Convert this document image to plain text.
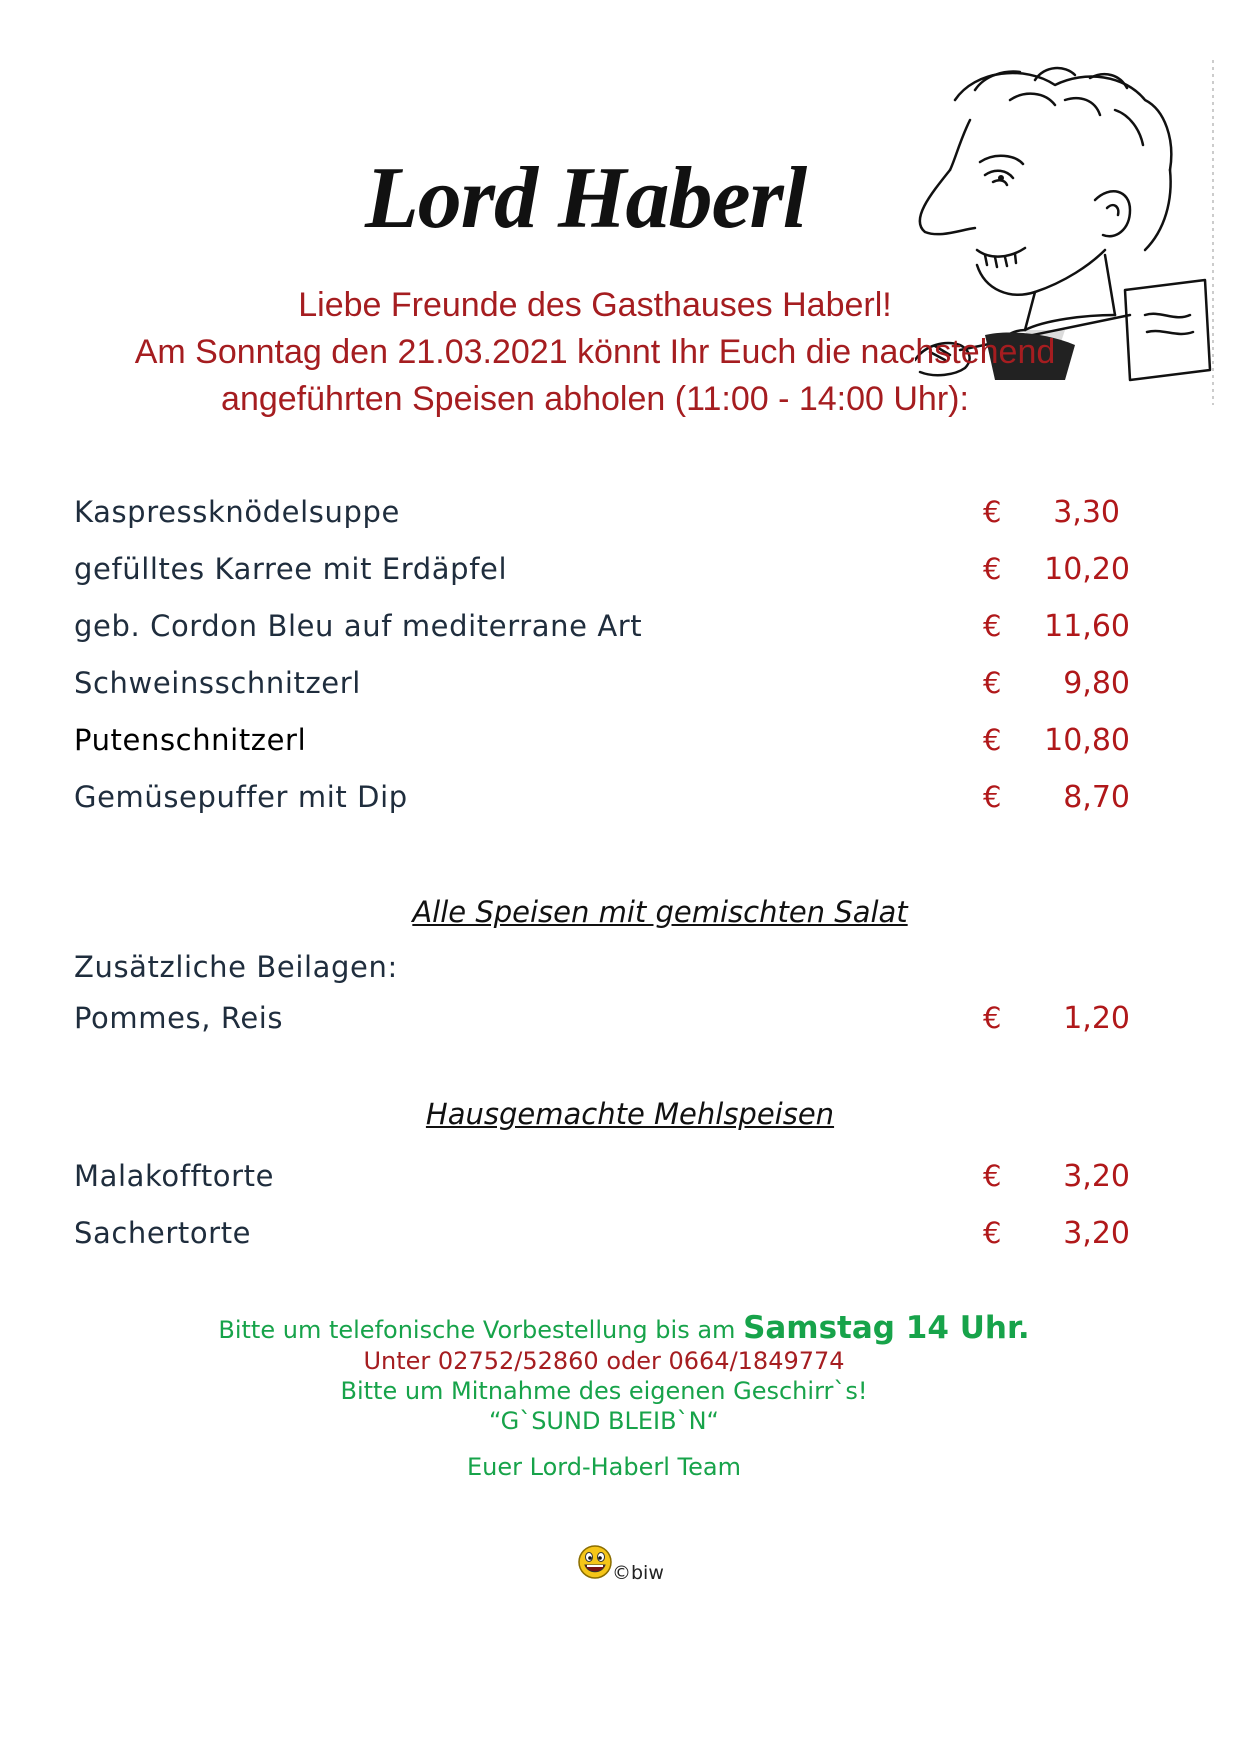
Lord Haberl
Liebe Freunde des Gasthauses Haberl!
Am Sonntag den 21.03.2021 könnt Ihr Euch die nachstehend
angeführten Speisen abholen (11:00 - 14:00 Uhr):
Kaspressknödelsuppe	€ 3,30
gefülltes Karree mit Erdäpfel	€ 10,20
geb. Cordon Bleu auf mediterrane Art	€ 11,60
Schweinsschnitzerl	€ 9,80
Putenschnitzerl	€ 10,80
Gemüsepuffer mit Dip	€ 8,70
Alle Speisen mit gemischten Salat
Zusätzliche Beilagen:
Pommes, Reis	€ 1,20
Hausgemachte Mehlspeisen
Malakofftorte	€ 3,20
Sachertorte	€ 3,20
Bitte um telefonische Vorbestellung bis am Samstag 14 Uhr.
Unter 02752/52860 oder 0664/1849774
Bitte um Mitnahme des eigenen Geschirr`s!
“G`SUND BLEIB`N“
Euer Lord-Haberl Team
©biw
